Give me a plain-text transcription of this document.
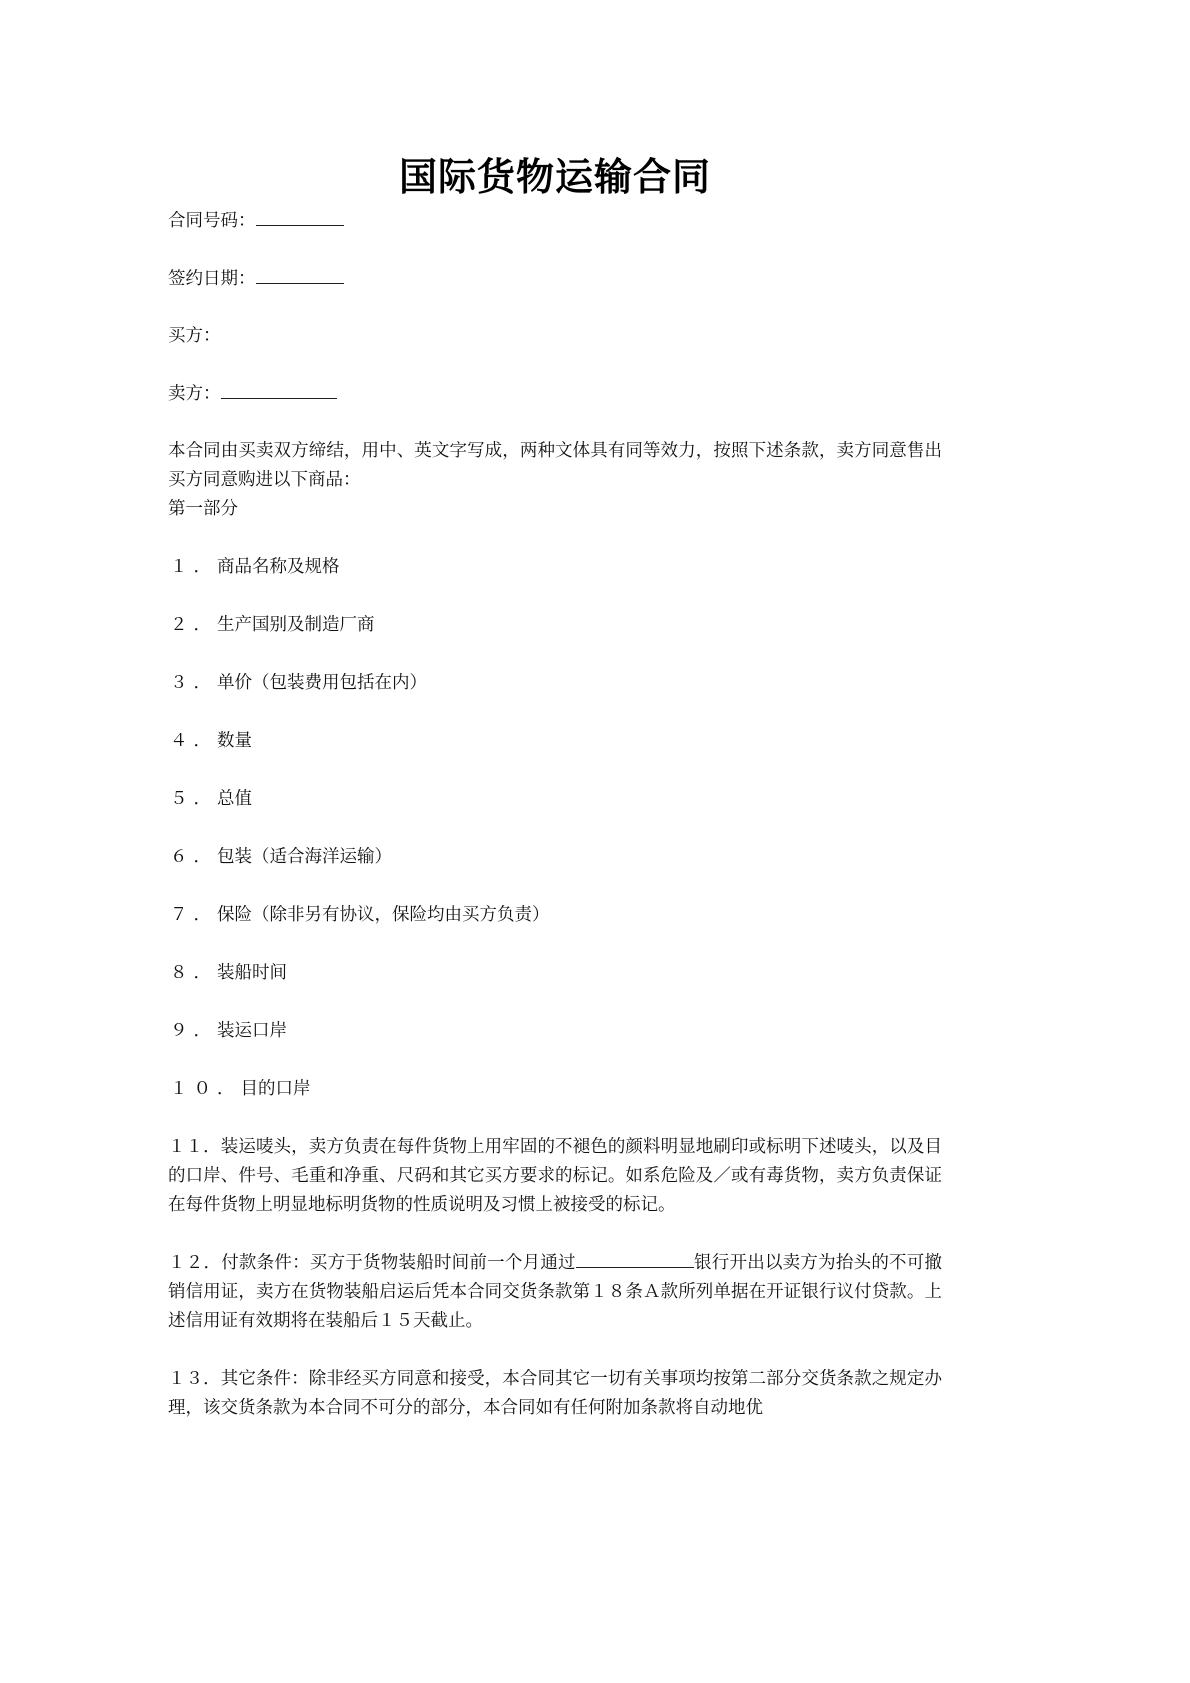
国际货物运输合同
合同号码：
签约日期：
买方：
卖方：
本合同由买卖双方缔结，用中、英文字写成，两种文体具有同等效力，按照下述条款，卖方同意售出买方同意购进以下商品：
第一部分
１．商品名称及规格
２．生产国别及制造厂商
３．单价（包装费用包括在内）
４．数量
５．总值
６．包装（适合海洋运输）
７．保险（除非另有协议，保险均由买方负责）
８．装船时间
９．装运口岸
１０．目的口岸
１１．装运唛头，卖方负责在每件货物上用牢固的不褪色的颜料明显地刷印或标明下述唛头，以及目的口岸、件号、毛重和净重、尺码和其它买方要求的标记。如系危险及／或有毒货物，卖方负责保证在每件货物上明显地标明货物的性质说明及习惯上被接受的标记。
１２．付款条件：买方于货物装船时间前一个月通过	银行开出以卖方为抬头的不可撤销信用证，卖方在货物装船启运后凭本合同交货条款第１８条Ａ款所列单据在开证银行议付贷款。上述信用证有效期将在装船后１５天截止。
１３．其它条件：除非经买方同意和接受，本合同其它一切有关事项均按第二部分交货条款之规定办理，该交货条款为本合同不可分的部分，本合同如有任何附加条款将自动地优
